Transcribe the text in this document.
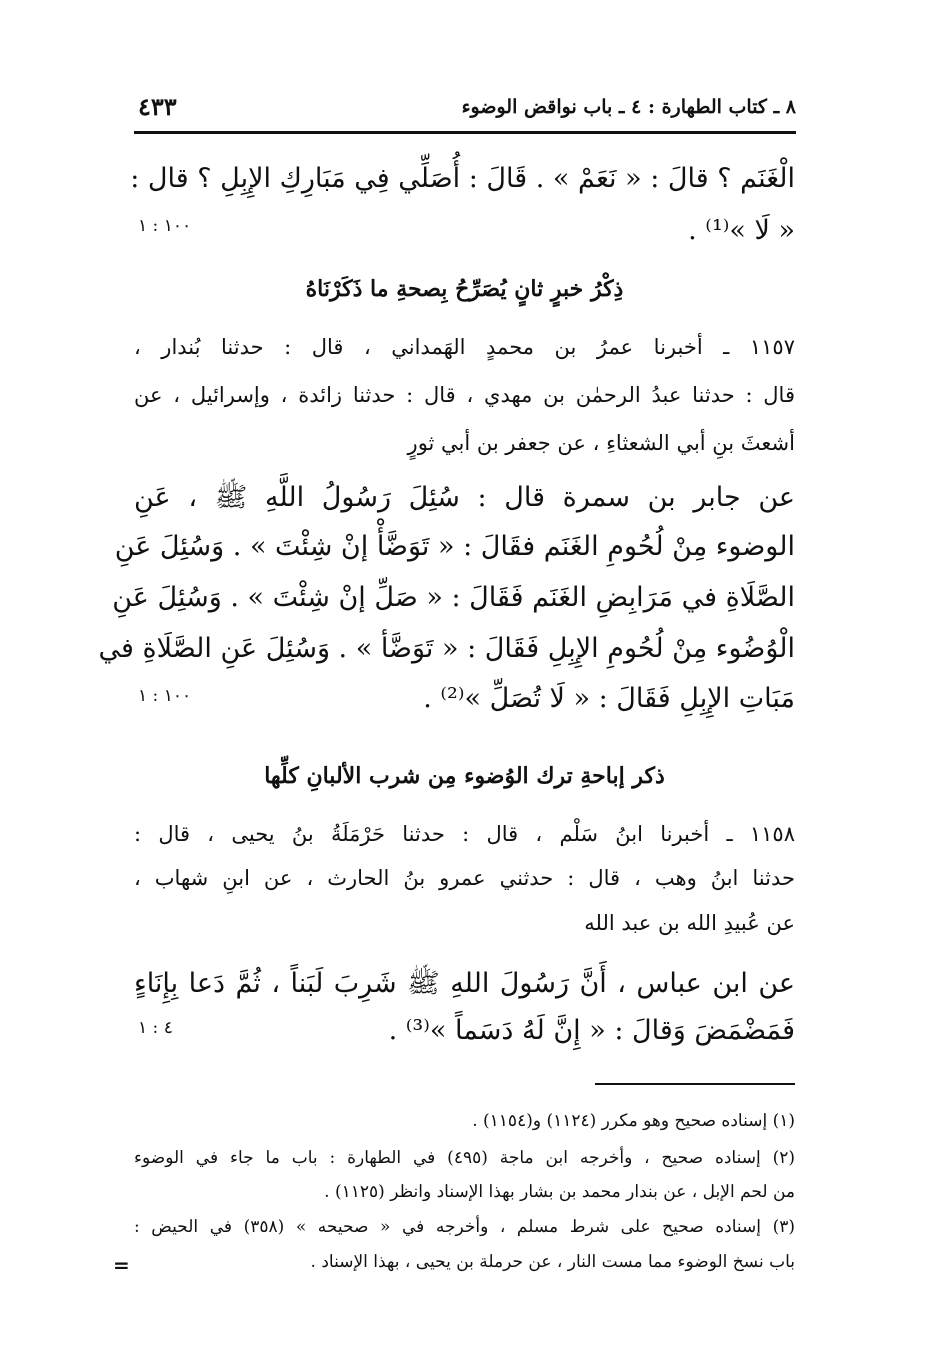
٨ ـ كتاب الطهارة : ٤ ـ باب نواقض الوضوء
٤٣٣
الْغَنَم ؟ قالَ : « نَعَمْ » . قَالَ : أُصَلِّي فِي مَبَارِكِ الإِبِلِ ؟ قال :
« لَا »⁽¹⁾ .
١٠٠ : ١
ذِكْرُ خبرٍ ثانٍ يُصَرِّحُ بِصحةِ ما ذَكَرْنَاهُ
١١٥٧ ـ أخبرنا عمرُ بن محمدٍ الهَمداني ، قال : حدثنا بُندار ،
قال : حدثنا عبدُ الرحمٰن بن مهدي ، قال : حدثنا زائدة ، وإسرائيل ، عن
أشعثَ بنِ أبي الشعثاءِ ، عن جعفر بن أبي ثورٍ
عن جابر بن سمرة قال : سُئِلَ رَسُولُ اللَّهِ ﷺ ، عَنِ
الوضوء مِنْ لُحُومِ الغَنَم فقَالَ : « تَوَضَّأْ إنْ شِئْتَ » . وَسُئِلَ عَنِ
الصَّلَاةِ في مَرَابِضِ الغَنَم فَقَالَ : « صَلِّ إنْ شِئْتَ » . وَسُئِلَ عَنِ
الْوُضُوء مِنْ لُحُومِ الإِبِلِ فَقَالَ : « تَوَضَّأ » . وَسُئِلَ عَنِ الصَّلَاةِ في
مَبَاتِ الإِبِلِ فَقَالَ : « لَا تُصَلِّ »⁽²⁾ .
١٠٠ : ١
ذكر إباحةِ ترك الوُضوء مِن شرب الألبانِ كلِّها
١١٥٨ ـ أخبرنا ابنُ سَلْم ، قال : حدثنا حَرْمَلَةُ بنُ يحيى ، قال :
حدثنا ابنُ وهب ، قال : حدثني عمرو بنُ الحارث ، عن ابنِ شهاب ،
عن عُبيدِ الله بن عبد الله
عن ابن عباس ، أَنَّ رَسُولَ اللهِ ﷺ شَرِبَ لَبَناً ، ثُمَّ دَعا بِإِنَاءٍ
فَمَضْمَضَ وَقالَ : « إِنَّ لَهُ دَسَماً »⁽³⁾ .
٤ : ١
(١) إسناده صحيح وهو مكرر (١١٢٤) و(١١٥٤) .
(٢) إسناده صحيح ، وأخرجه ابن ماجة (٤٩٥) في الطهارة : باب ما جاء في الوضوء
من لحم الإبل ، عن بندار محمد بن بشار بهذا الإسناد وانظر (١١٢٥) .
(٣) إسناده صحيح على شرط مسلم ، وأخرجه في « صحيحه » (٣٥٨) في الحيض :
باب نسخ الوضوء مما مست النار ، عن حرملة بن يحيى ، بهذا الإسناد .
=
